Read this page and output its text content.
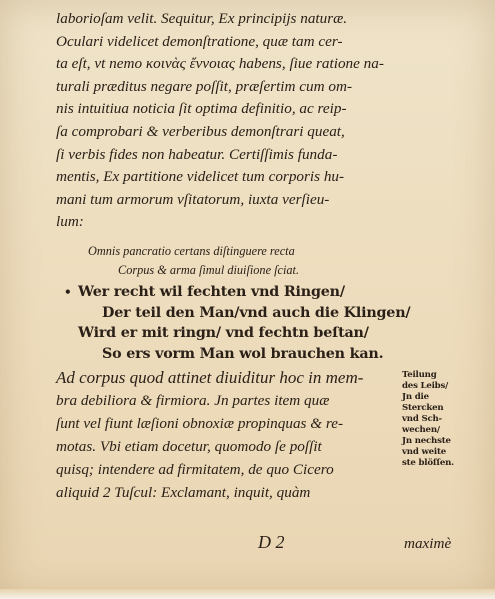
laborioſam velit. Sequitur, Ex principijs naturæ.
Oculari videlicet demonſtratione, quæ tam cer-
ta eſt, vt nemo κοινὰς ἔννοιας habens, ſiue ratione na-
turali præditus negare poſſit, præſertim cum om-
nis intuitiua noticia ſit optima definitio, ac reip-
ſa comprobari & verberibus demonſtrari queat,
ſi verbis fides non habeatur. Certiſſimis funda-
mentis, Ex partitione videlicet tum corporis hu-
mani tum armorum vſitatorum, iuxta verſieu-
lum:
Omnis pancratio certans diſtinguere recta
Corpus & arma ſimul diuiſione ſciat.
• Wer recht wil fechten vnd Ringen/
Der teil den Man/vnd auch die Klingen/
Wird er mit ringn/ vnd fechtn beſtan/
So ers vorm Man wol brauchen kan.
Ad corpus quod attinet diuiditur hoc in mem-
bra debiliora & firmiora. Jn partes item quæ
ſunt vel fiunt læſioni obnoxiæ propinquas & re-
motas. Vbi etiam docetur, quomodo ſe poſſit
quisq; intendere ad firmitatem, de quo Cicero
aliquid 2 Tuſcul: Exclamant, inquit, quàm
Teilung
des Leibs/
Jn die
Stercken
vnd Sch-
wechen/
Jn nechste
vnd weite
ste blöſſen.
D 2	maximè
